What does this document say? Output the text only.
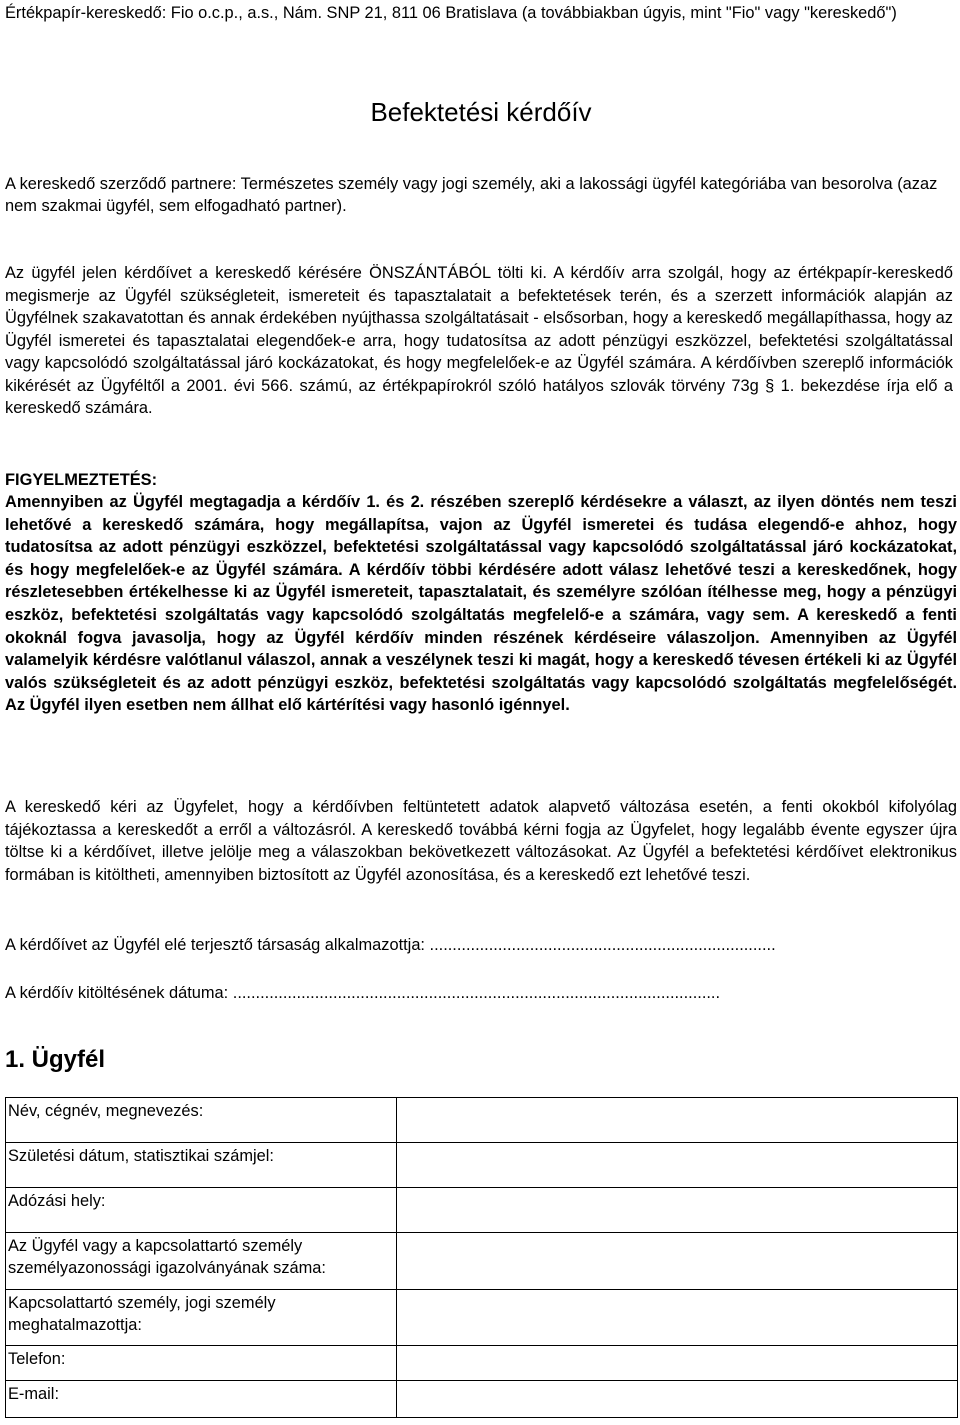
Értékpapír-kereskedő: Fio o.c.p., a.s., Nám. SNP 21, 811 06 Bratislava (a továbbiakban úgyis, mint "Fio" vagy "kereskedő")

Befektetési kérdőív

A kereskedő szerződő partnere: Természetes személy vagy jogi személy, aki a lakossági ügyfél kategóriába van besorolva (azaz nem szakmai ügyfél, sem elfogadható partner).

Az ügyfél jelen kérdőívet a kereskedő kérésére ÖNSZÁNTÁBÓL tölti ki. A kérdőív arra szolgál, hogy az értékpapír-kereskedő megismerje az Ügyfél szükségleteit, ismereteit és tapasztalatait a befektetések terén, és a szerzett információk alapján az Ügyfélnek szakavatottan és annak érdekében nyújthassa szolgáltatásait - elsősorban, hogy a kereskedő megállapíthassa, hogy az Ügyfél ismeretei és tapasztalatai elegendőek-e arra, hogy tudatosítsa az adott pénzügyi eszközzel, befektetési szolgáltatással vagy kapcsolódó szolgáltatással járó kockázatokat, és hogy megfelelőek-e az Ügyfél számára. A kérdőívben szereplő információk kikérését az Ügyféltől a 2001. évi 566. számú, az értékpapírokról szóló hatályos szlovák törvény 73g § 1. bekezdése írja elő a kereskedő számára.

FIGYELMEZTETÉS:

Amennyiben az Ügyfél megtagadja a kérdőív 1. és 2. részében szereplő kérdésekre a választ, az ilyen döntés nem teszi lehetővé a kereskedő számára, hogy megállapítsa, vajon az Ügyfél ismeretei és tudása elegendő-e ahhoz, hogy tudatosítsa az adott pénzügyi eszközzel, befektetési szolgáltatással vagy kapcsolódó szolgáltatással járó kockázatokat, és hogy megfelelőek-e az Ügyfél számára. A kérdőív többi kérdésére adott válasz lehetővé teszi a kereskedőnek, hogy részletesebben értékelhesse ki az Ügyfél ismereteit, tapasztalatait, és személyre szólóan ítélhesse meg, hogy a pénzügyi eszköz, befektetési szolgáltatás vagy kapcsolódó szolgáltatás megfelelő-e a számára, vagy sem. A kereskedő a fenti okoknál fogva javasolja, hogy az Ügyfél kérdőív minden részének kérdéseire válaszoljon. Amennyiben az Ügyfél valamelyik kérdésre valótlanul válaszol, annak a veszélynek teszi ki magát, hogy a kereskedő tévesen értékeli ki az Ügyfél valós szükségleteit és az adott pénzügyi eszköz, befektetési szolgáltatás vagy kapcsolódó szolgáltatás megfelelőségét. Az Ügyfél ilyen esetben nem állhat elő kártérítési vagy hasonló igénnyel.

A kereskedő kéri az Ügyfelet, hogy a kérdőívben feltüntetett adatok alapvető változása esetén, a fenti okokból kifolyólag tájékoztassa a kereskedőt a erről a változásról. A kereskedő továbbá kérni fogja az Ügyfelet, hogy legalább évente egyszer újra töltse ki a kérdőívet, illetve jelölje meg a válaszokban bekövetkezett változásokat. Az Ügyfél a befektetési kérdőívet elektronikus formában is kitöltheti, amennyiben biztosított az Ügyfél azonosítása, és a kereskedő ezt lehetővé teszi.

A kérdőívet az Ügyfél elé terjesztő társaság alkalmazottja: ............................................................................

A kérdőív kitöltésének dátuma: ...........................................................................................................

1. Ügyfél
Név, cégnév, megnevezés:	
Születési dátum, statisztikai számjel:	
Adózási hely:	
Az Ügyfél vagy a kapcsolattartó személy személyazonossági igazolványának száma:	
Kapcsolattartó személy, jogi személy meghatalmazottja:	
Telefon:	
E-mail:	
